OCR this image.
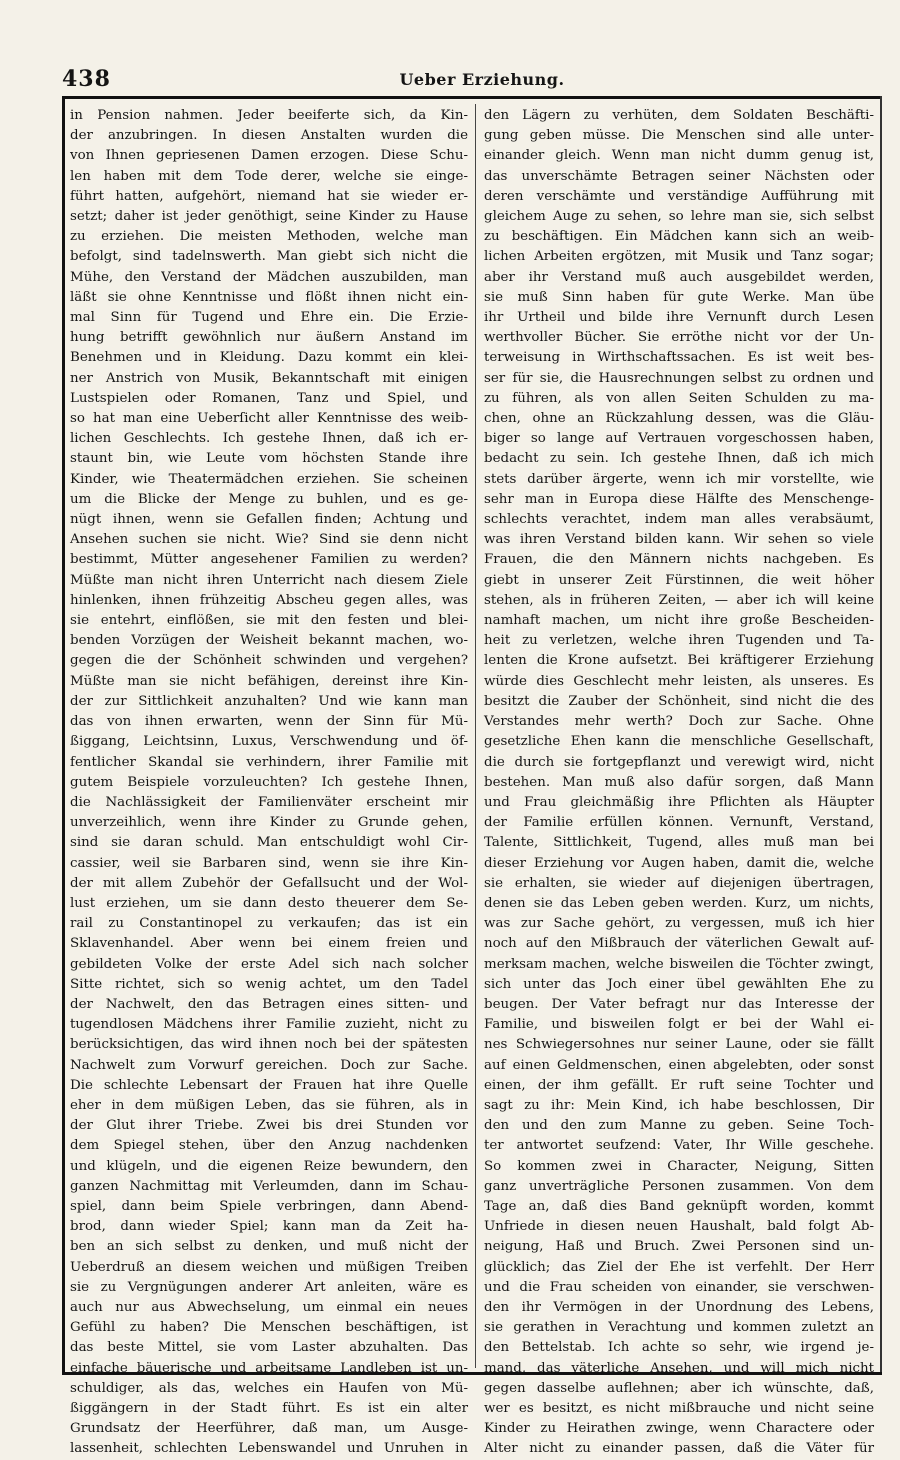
438	Ueber Erziehung.
in Pension nahmen. Jeder beeiferte sich, da Kin-
der anzubringen. In diesen Anstalten wurden die
von Ihnen gepriesenen Damen erzogen. Diese Schu-
len haben mit dem Tode derer, welche sie einge-
führt hatten, aufgehört, niemand hat sie wieder er-
setzt; daher ist jeder genöthigt, seine Kinder zu Hause
zu erziehen. Die meisten Methoden, welche man
befolgt, sind tadelnswerth. Man giebt sich nicht die
Mühe, den Verstand der Mädchen auszubilden, man
läßt sie ohne Kenntnisse und flößt ihnen nicht ein-
mal Sinn für Tugend und Ehre ein. Die Erzie-
hung betrifft gewöhnlich nur äußern Anstand im
Benehmen und in Kleidung. Dazu kommt ein klei-
ner Anstrich von Musik, Bekanntschaft mit einigen
Lustspielen oder Romanen, Tanz und Spiel, und
so hat man eine Ueberſicht aller Kenntnisse des weib-
lichen Geschlechts. Ich gestehe Ihnen, daß ich er-
staunt bin, wie Leute vom höchsten Stande ihre
Kinder, wie Theatermädchen erziehen. Sie scheinen
um die Blicke der Menge zu buhlen, und es ge-
nügt ihnen, wenn sie Gefallen finden; Achtung und
Ansehen suchen sie nicht. Wie? Sind sie denn nicht
bestimmt, Mütter angesehener Familien zu werden?
Müßte man nicht ihren Unterricht nach diesem Ziele
hinlenken, ihnen frühzeitig Abscheu gegen alles, was
sie entehrt, einflößen, sie mit den festen und blei-
benden Vorzügen der Weisheit bekannt machen, wo-
gegen die der Schönheit schwinden und vergehen?
Müßte man sie nicht befähigen, dereinst ihre Kin-
der zur Sittlichkeit anzuhalten? Und wie kann man
das von ihnen erwarten, wenn der Sinn für Mü-
ßiggang, Leichtsinn, Luxus, Verschwendung und öf-
fentlicher Skandal sie verhindern, ihrer Familie mit
gutem Beispiele vorzuleuchten? Ich gestehe Ihnen,
die Nachlässigkeit der Familienväter erscheint mir
unverzeihlich, wenn ihre Kinder zu Grunde gehen,
sind sie daran schuld. Man entschuldigt wohl Cir-
cassier, weil sie Barbaren sind, wenn sie ihre Kin-
der mit allem Zubehör der Gefallsucht und der Wol-
lust erziehen, um sie dann desto theuerer dem Se-
rail zu Constantinopel zu verkaufen; das ist ein
Sklavenhandel. Aber wenn bei einem freien und
gebildeten Volke der erste Adel sich nach solcher
Sitte richtet, sich so wenig achtet, um den Tadel
der Nachwelt, den das Betragen eines sitten- und
tugendlosen Mädchens ihrer Familie zuzieht, nicht zu
berücksichtigen, das wird ihnen noch bei der spätesten
Nachwelt zum Vorwurf gereichen. Doch zur Sache.
Die schlechte Lebensart der Frauen hat ihre Quelle
eher in dem müßigen Leben, das sie führen, als in
der Glut ihrer Triebe. Zwei bis drei Stunden vor
dem Spiegel stehen, über den Anzug nachdenken
und klügeln, und die eigenen Reize bewundern, den
ganzen Nachmittag mit Verleumden, dann im Schau-
spiel, dann beim Spiele verbringen, dann Abend-
brod, dann wieder Spiel; kann man da Zeit ha-
ben an sich selbst zu denken, und muß nicht der
Ueberdruß an diesem weichen und müßigen Treiben
sie zu Vergnügungen anderer Art anleiten, wäre es
auch nur aus Abwechselung, um einmal ein neues
Gefühl zu haben? Die Menschen beschäftigen, ist
das beste Mittel, sie vom Laster abzuhalten. Das
einfache bäuerische und arbeitsame Landleben ist un-
schuldiger, als das, welches ein Haufen von Mü-
ßiggängern in der Stadt führt. Es ist ein alter
Grundsatz der Heerführer, daß man, um Ausge-
lassenheit, schlechten Lebenswandel und Unruhen in
den Lägern zu verhüten, dem Soldaten Beschäfti-
gung geben müsse. Die Menschen sind alle unter-
einander gleich. Wenn man nicht dumm genug ist,
das unverschämte Betragen seiner Nächsten oder
deren verschämte und verständige Aufführung mit
gleichem Auge zu sehen, so lehre man sie, sich selbst
zu beschäftigen. Ein Mädchen kann sich an weib-
lichen Arbeiten ergötzen, mit Musik und Tanz sogar;
aber ihr Verstand muß auch ausgebildet werden,
sie muß Sinn haben für gute Werke. Man übe
ihr Urtheil und bilde ihre Vernunft durch Lesen
werthvoller Bücher. Sie erröthe nicht vor der Un-
terweisung in Wirthschaftssachen. Es ist weit bes-
ser für sie, die Hausrechnungen selbst zu ordnen und
zu führen, als von allen Seiten Schulden zu ma-
chen, ohne an Rückzahlung dessen, was die Gläu-
biger so lange auf Vertrauen vorgeschossen haben,
bedacht zu sein. Ich gestehe Ihnen, daß ich mich
stets darüber ärgerte, wenn ich mir vorstellte, wie
sehr man in Europa diese Hälfte des Menschenge-
schlechts verachtet, indem man alles verabsäumt,
was ihren Verstand bilden kann. Wir sehen so viele
Frauen, die den Männern nichts nachgeben. Es
giebt in unserer Zeit Fürstinnen, die weit höher
stehen, als in früheren Zeiten, — aber ich will keine
namhaft machen, um nicht ihre große Bescheiden-
heit zu verletzen, welche ihren Tugenden und Ta-
lenten die Krone aufsetzt. Bei kräftigerer Erziehung
würde dies Geschlecht mehr leisten, als unseres. Es
besitzt die Zauber der Schönheit, sind nicht die des
Verstandes mehr werth? Doch zur Sache. Ohne
gesetzliche Ehen kann die menschliche Gesellschaft,
die durch sie fortgepflanzt und verewigt wird, nicht
bestehen. Man muß also dafür sorgen, daß Mann
und Frau gleichmäßig ihre Pflichten als Häupter
der Familie erfüllen können. Vernunft, Verstand,
Talente, Sittlichkeit, Tugend, alles muß man bei
dieser Erziehung vor Augen haben, damit die, welche
sie erhalten, sie wieder auf diejenigen übertragen,
denen sie das Leben geben werden. Kurz, um nichts,
was zur Sache gehört, zu vergessen, muß ich hier
noch auf den Mißbrauch der väterlichen Gewalt auf-
merksam machen, welche bisweilen die Töchter zwingt,
sich unter das Joch einer übel gewählten Ehe zu
beugen. Der Vater befragt nur das Interesse der
Familie, und bisweilen folgt er bei der Wahl ei-
nes Schwiegersohnes nur seiner Laune, oder sie fällt
auf einen Geldmenschen, einen abgelebten, oder sonst
einen, der ihm gefällt. Er ruft seine Tochter und
sagt zu ihr: Mein Kind, ich habe beschlossen, Dir
den und den zum Manne zu geben. Seine Toch-
ter antwortet seufzend: Vater, Ihr Wille geschehe.
So kommen zwei in Character, Neigung, Sitten
ganz unverträgliche Personen zusammen. Von dem
Tage an, daß dies Band geknüpft worden, kommt
Unfriede in diesen neuen Haushalt, bald folgt Ab-
neigung, Haß und Bruch. Zwei Personen sind un-
glücklich; das Ziel der Ehe ist verfehlt. Der Herr
und die Frau scheiden von einander, sie verschwen-
den ihr Vermögen in der Unordnung des Lebens,
sie gerathen in Verachtung und kommen zuletzt an
den Bettelstab. Ich achte so sehr, wie irgend je-
mand, das väterliche Ansehen, und will mich nicht
gegen dasselbe auflehnen; aber ich wünschte, daß,
wer es besitzt, es nicht mißbrauche und nicht seine
Kinder zu Heirathen zwinge, wenn Charactere oder
Alter nicht zu einander passen, daß die Väter für
